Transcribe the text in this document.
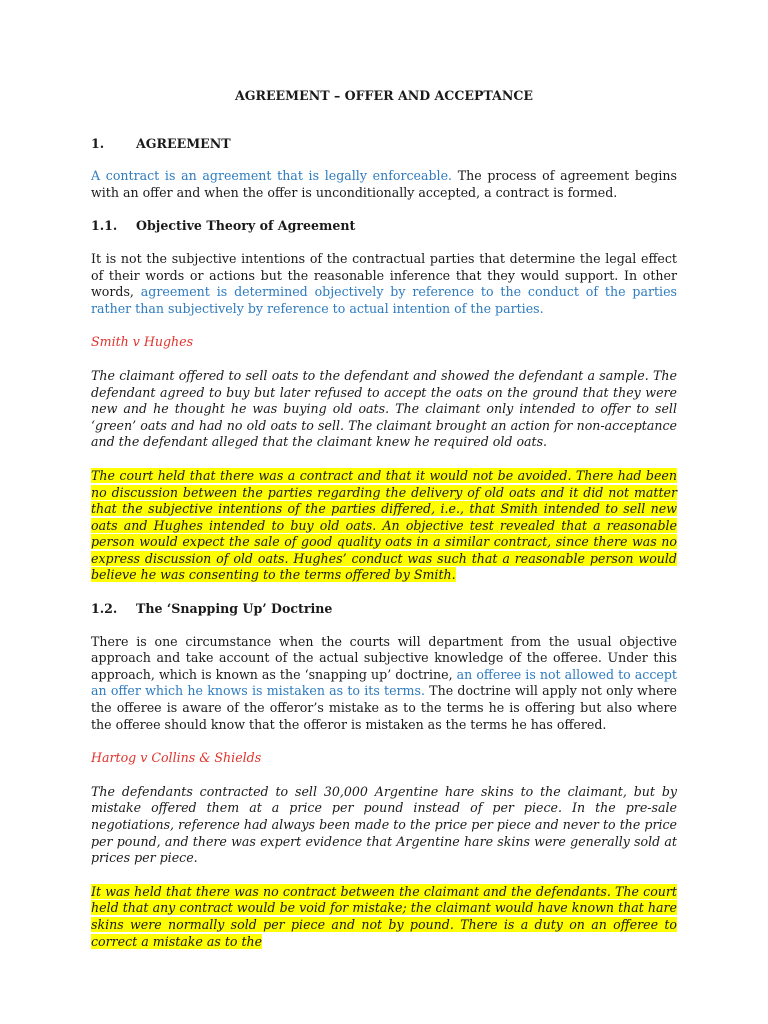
AGREEMENT – OFFER AND ACCEPTANCE
1.	AGREEMENT

A contract is an agreement that is legally enforceable. The process of agreement begins with an offer and when the offer is unconditionally accepted, a contract is formed.

1.1.	Objective Theory of Agreement

It is not the subjective intentions of the contractual parties that determine the legal effect of their words or actions but the reasonable inference that they would support. In other words, agreement is determined objectively by reference to the conduct of the parties rather than subjectively by reference to actual intention of the parties.

Smith v Hughes

The claimant offered to sell oats to the defendant and showed the defendant a sample. The defendant agreed to buy but later refused to accept the oats on the ground that they were new and he thought he was buying old oats. The claimant only intended to offer to sell ‘green’ oats and had no old oats to sell. The claimant brought an action for non-acceptance and the defendant alleged that the claimant knew he required old oats.

The court held that there was a contract and that it would not be avoided. There had been no discussion between the parties regarding the delivery of old oats and it did not matter that the subjective intentions of the parties differed, i.e., that Smith intended to sell new oats and Hughes intended to buy old oats. An objective test revealed that a reasonable person would expect the sale of good quality oats in a similar contract, since there was no express discussion of old oats. Hughes’ conduct was such that a reasonable person would believe he was consenting to the terms offered by Smith.

1.2.	The ‘Snapping Up’ Doctrine

There is one circumstance when the courts will department from the usual objective approach and take account of the actual subjective knowledge of the offeree. Under this approach, which is known as the ‘snapping up’ doctrine, an offeree is not allowed to accept an offer which he knows is mistaken as to its terms. The doctrine will apply not only where the offeree is aware of the offeror’s mistake as to the terms he is offering but also where the offeree should know that the offeror is mistaken as the terms he has offered.

Hartog v Collins & Shields

The defendants contracted to sell 30,000 Argentine hare skins to the claimant, but by mistake offered them at a price per pound instead of per piece. In the pre-sale negotiations, reference had always been made to the price per piece and never to the price per pound, and there was expert evidence that Argentine hare skins were generally sold at prices per piece.

It was held that there was no contract between the claimant and the defendants. The court held that any contract would be void for mistake; the claimant would have known that hare skins were normally sold per piece and not by pound. There is a duty on an offeree to correct a mistake as to the
